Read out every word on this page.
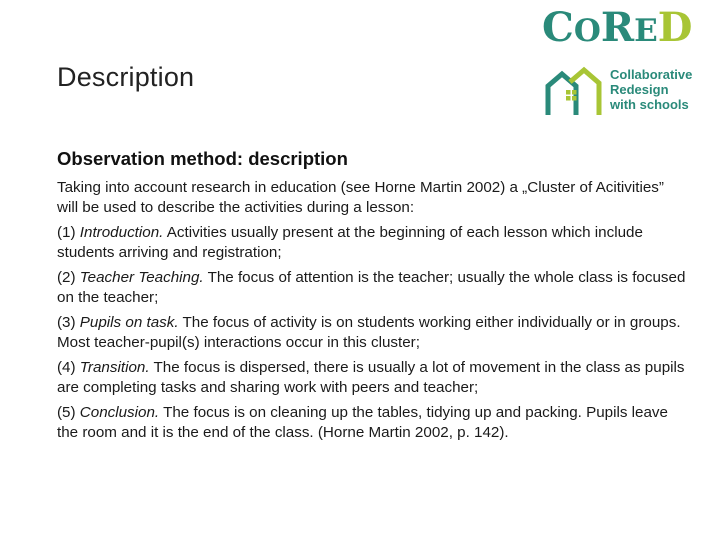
Description
CORED
Collaborative
Redesign
with schools

Observation method: description

Taking into account research in education (see Horne Martin 2002) a „Cluster of Acitivities” will be used to describe the activities during a lesson:

(1) Introduction. Activities usually present at the beginning of each lesson which include students arriving and registration;

(2) Teacher Teaching. The focus of attention is the teacher; usually the whole class is focused on the teacher;

(3) Pupils on task. The focus of activity is on students working either individually or in groups. Most teacher-pupil(s) interactions occur in this cluster;

(4) Transition. The focus is dispersed, there is usually a lot of movement in the class as pupils are completing tasks and sharing work with peers and teacher;

(5) Conclusion. The focus is on cleaning up the tables, tidying up and packing. Pupils leave the room and it is the end of the class. (Horne Martin 2002, p. 142).
